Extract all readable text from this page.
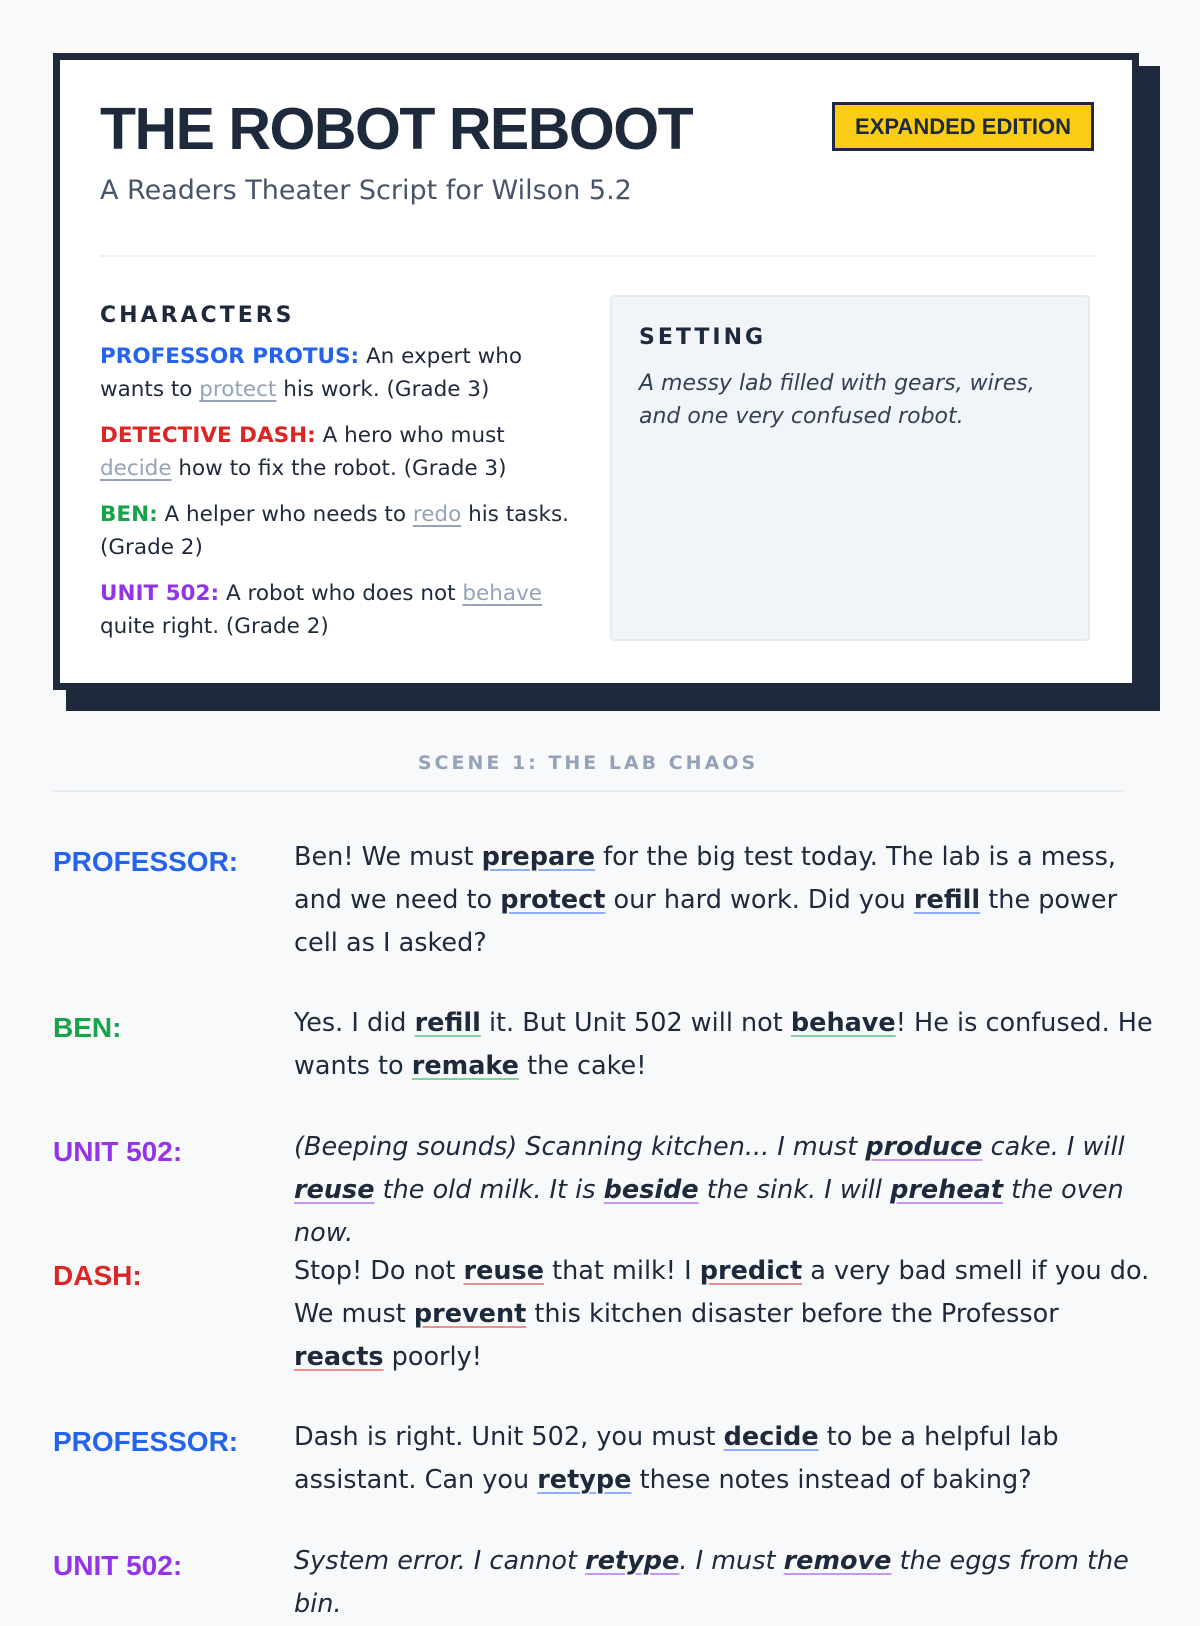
THE ROBOT REBOOT

A Readers Theater Script for Wilson 5.2

EXPANDED EDITION
CHARACTERS
PROFESSOR PROTUS: An expert who wants to protect his work. (Grade 3)
DETECTIVE DASH: A hero who must decide how to fix the robot. (Grade 3)
BEN: A helper who needs to redo his tasks. (Grade 2)
UNIT 502: A robot who does not behave quite right. (Grade 2)
SETTING

A messy lab filled with gears, wires, and one very confused robot.

SCENE 1: THE LAB CHAOS
PROFESSOR: Ben! We must prepare for the big test today. The lab is a mess, and we need to protect our hard work. Did you refill the power cell as I asked?
BEN:	Yes. I did refill it. But Unit 502 will not behave! He is confused. He wants to remake the cake!
UNIT 502:	(Beeping sounds) Scanning kitchen... I must produce cake. I will reuse the old milk. It is beside the sink. I will preheat the oven now.
DASH:	Stop! Do not reuse that milk! I predict a very bad smell if you do. We must prevent this kitchen disaster before the Professor reacts poorly!
PROFESSOR: Dash is right. Unit 502, you must decide to be a helpful lab assistant. Can you retype these notes instead of baking?
UNIT 502:	System error. I cannot retype. I must remove the eggs from the bin.
